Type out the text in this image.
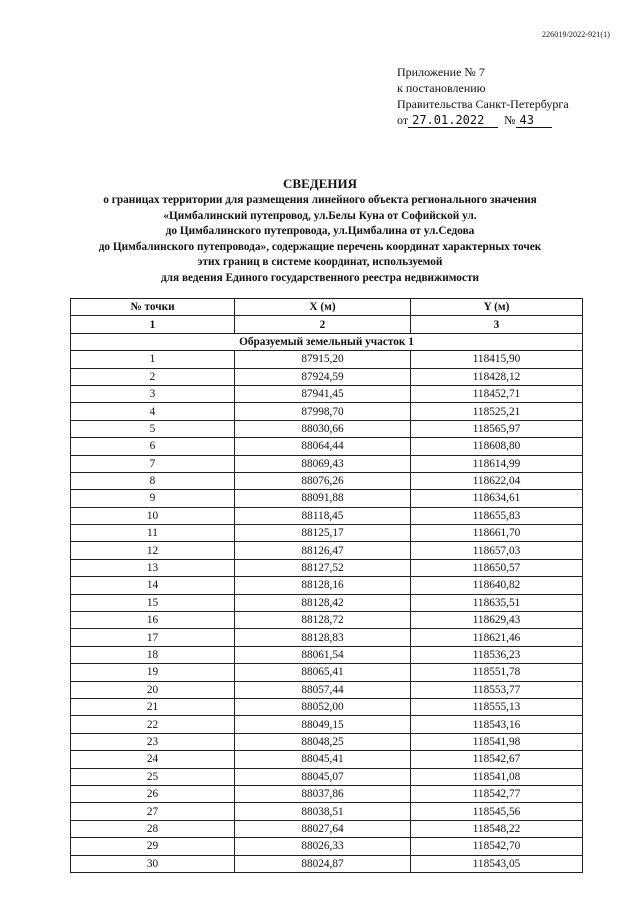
226019/2022-921(1)
Приложение № 7
к постановлению
Правительства Санкт-Петербурга
от 27.01.2022	№ 43
СВЕДЕНИЯ
о границах территории для размещения линейного объекта регионального значения
«Цимбалинский путепровод, ул.Белы Куна от Софийской ул.
до Цимбалинского путепровода, ул.Цимбалина от ул.Седова
до Цимбалинского путепровода», содержащие перечень координат характерных точек
этих границ в системе координат, используемой
для ведения Единого государственного реестра недвижимости
№ точки	X (м)	Y (м)
1	2	3
Образуемый земельный участок 1		
1	87915,20	118415,90
2	87924,59	118428,12
3	87941,45	118452,71
4	87998,70	118525,21
5	88030,66	118565,97
6	88064,44	118608,80
7	88069,43	118614,99
8	88076,26	118622,04
9	88091,88	118634,61
10	88118,45	118655,83
11	88125,17	118661,70
12	88126,47	118657,03
13	88127,52	118650,57
14	88128,16	118640,82
15	88128,42	118635,51
16	88128,72	118629,43
17	88128,83	118621,46
18	88061,54	118536,23
19	88065,41	118551,78
20	88057,44	118553,77
21	88052,00	118555,13
22	88049,15	118543,16
23	88048,25	118541,98
24	88045,41	118542,67
25	88045,07	118541,08
26	88037,86	118542,77
27	88038,51	118545,56
28	88027,64	118548,22
29	88026,33	118542,70
30	88024,87	118543,05
